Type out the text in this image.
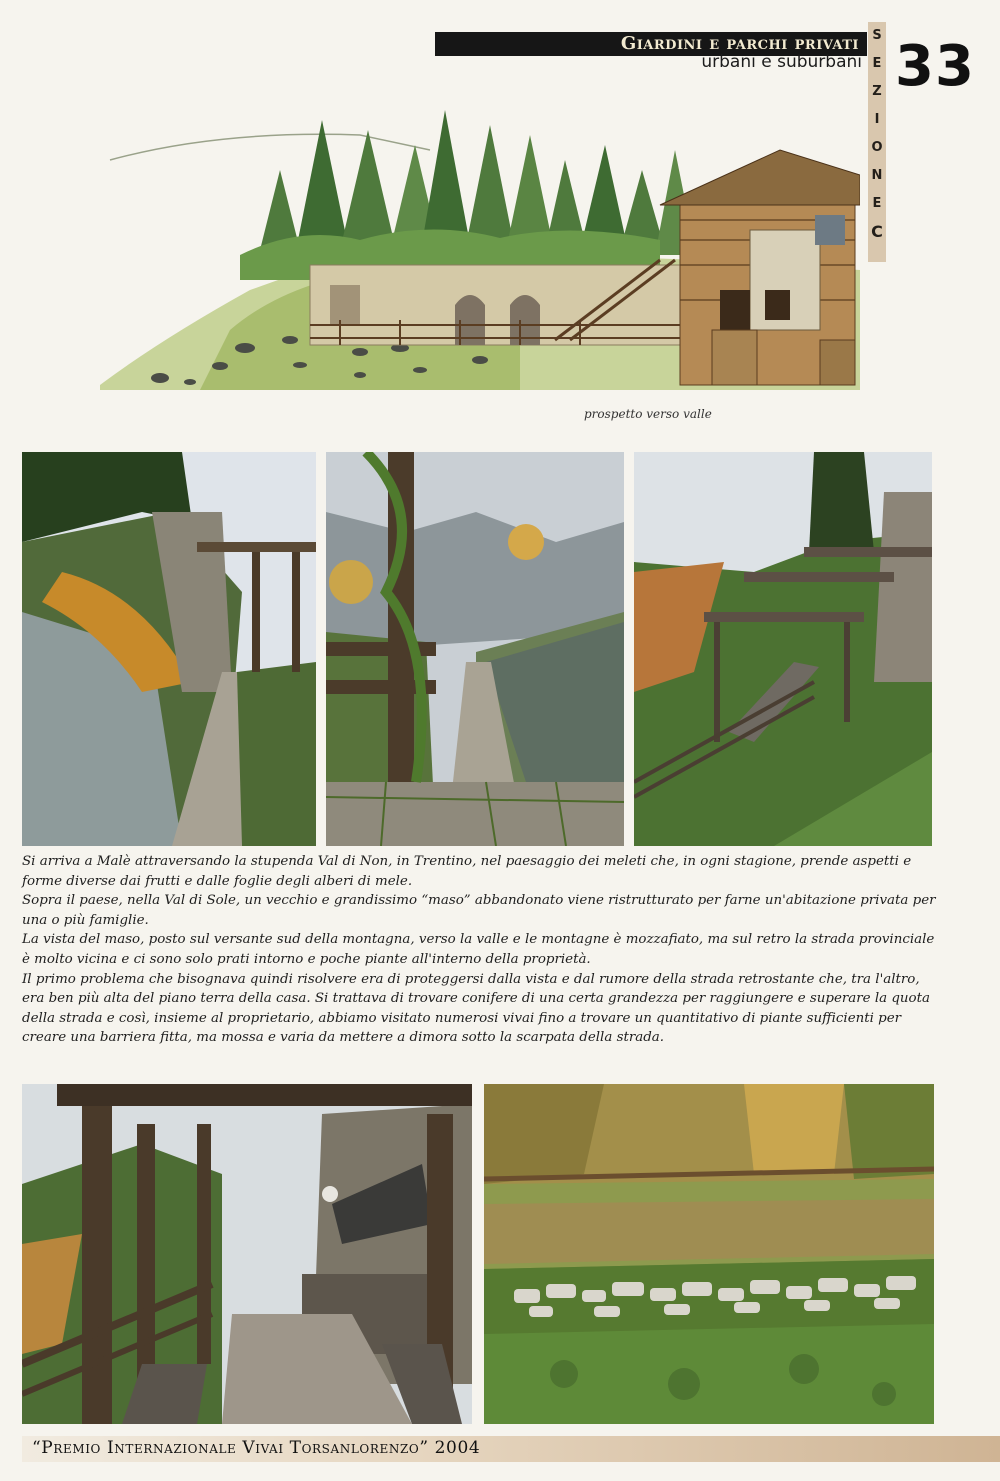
Giardini e parchi privati
urbani e suburbani
S
E
Z
I
O
N
E
C
33
prospetto verso valle

Si arriva a Malè attraversando la stupenda Val di Non, in Trentino, nel paesaggio dei meleti che, in ogni stagione, prende aspetti e forme diverse dai frutti e dalle foglie degli alberi di mele.

Sopra il paese, nella Val di Sole, un vecchio e grandissimo “maso” abbandonato viene ristrutturato per farne un'abitazione privata per una o più famiglie.

La vista del maso, posto sul versante sud della montagna, verso la valle e le montagne è mozzafiato, ma sul retro la strada provinciale è molto vicina e ci sono solo prati intorno e poche piante all'interno della proprietà.

Il primo problema che bisognava quindi risolvere era di proteggersi dalla vista e dal rumore della strada retrostante che, tra l'altro, era ben più alta del piano terra della casa. Si trattava di trovare conifere di una certa grandezza per raggiungere e superare la quota della strada e così, insieme al proprietario, abbiamo visitato numerosi vivai fino a trovare un quantitativo di piante sufficienti per creare una barriera fitta, ma mossa e varia da mettere a dimora sotto la scarpata della strada.

“Premio Internazionale Vivai Torsanlorenzo” 2004
